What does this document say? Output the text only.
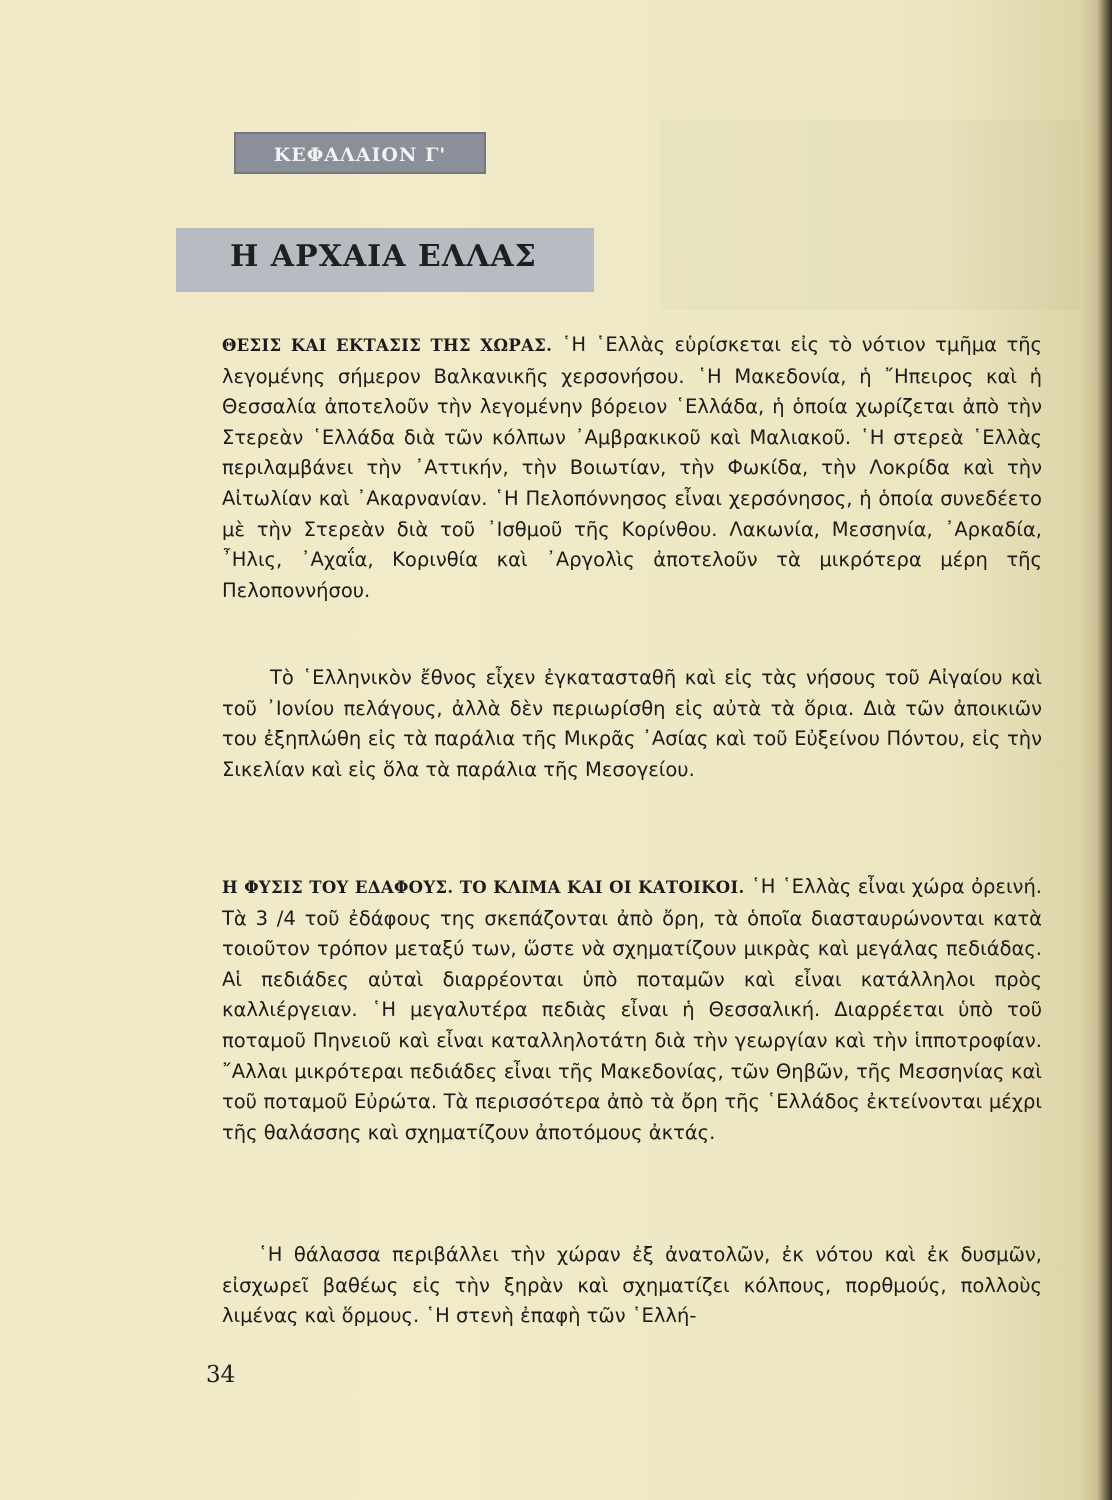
ΚΕΦΑΛΑΙΟΝ Γ'
Η ΑΡΧΑΙΑ ΕΛΛΑΣ

ΘΕΣΙΣ ΚΑΙ ΕΚΤΑΣΙΣ ΤΗΣ ΧΩΡΑΣ. ῾Η ῾Ελλὰς εὑρίσκεται εἰς τὸ νότιον τμῆμα τῆς λεγομένης σήμερον Βαλκανικῆς χερσονήσου. ῾Η Μακεδονία, ἡ ῎Ηπειρος καὶ ἡ Θεσσαλία ἀποτελοῦν τὴν λεγομένην βόρειον ῾Ελλάδα, ἡ ὁποία χωρίζεται ἀπὸ τὴν Στερεὰν ῾Ελλάδα διὰ τῶν κόλπων ᾿Αμβρακικοῦ καὶ Μαλιακοῦ. ῾Η στερεὰ ῾Ελλὰς περιλαμβάνει τὴν ᾿Αττικήν, τὴν Βοιωτίαν, τὴν Φωκίδα, τὴν Λοκρίδα καὶ τὴν Αἰτωλίαν καὶ ᾿Ακαρνανίαν. ῾Η Πελοπόννησος εἶναι χερσόνησος, ἡ ὁποία συνεδέετο μὲ τὴν Στερεὰν διὰ τοῦ ᾿Ισθμοῦ τῆς Κορίνθου. Λακωνία, Μεσσηνία, ᾿Αρκαδία, ῏Ηλις, ᾿Αχαΐα, Κορινθία καὶ ᾿Αργολὶς ἀποτελοῦν τὰ μικρότερα μέρη τῆς Πελοποννήσου.

Τὸ ῾Ελληνικὸν ἔθνος εἶχεν ἐγκατασταθῆ καὶ εἰς τὰς νήσους τοῦ Αἰγαίου καὶ τοῦ ᾿Ιονίου πελάγους, ἀλλὰ δὲν περιωρίσθη εἰς αὐτὰ τὰ ὅρια. Διὰ τῶν ἀποικιῶν του ἐξηπλώθη εἰς τὰ παράλια τῆς Μικρᾶς ᾿Ασίας καὶ τοῦ Εὐξείνου Πόντου, εἰς τὴν Σικελίαν καὶ εἰς ὅλα τὰ παράλια τῆς Μεσογείου.

Η ΦΥΣΙΣ ΤΟΥ ΕΔΑΦΟΥΣ. ΤΟ ΚΛΙΜΑ ΚΑΙ ΟΙ ΚΑΤΟΙΚΟΙ. ῾Η ῾Ελλὰς εἶναι χώρα ὀρεινή. Τὰ 3 /4 τοῦ ἐδάφους της σκεπάζονται ἀπὸ ὄρη, τὰ ὁποῖα διασταυρώνονται κατὰ τοιοῦτον τρόπον μεταξύ των, ὥστε νὰ σχηματίζουν μικρὰς καὶ μεγάλας πεδιάδας. Αἱ πεδιάδες αὐταὶ διαρρέονται ὑπὸ ποταμῶν καὶ εἶναι κατάλληλοι πρὸς καλλιέργειαν. ῾Η μεγαλυτέρα πεδιὰς εἶναι ἡ Θεσσαλική. Διαρρέεται ὑπὸ τοῦ ποταμοῦ Πηνειοῦ καὶ εἶναι καταλληλοτάτη διὰ τὴν γεωργίαν καὶ τὴν ἱπποτροφίαν. ῎Αλλαι μικρότεραι πεδιάδες εἶναι τῆς Μακεδονίας, τῶν Θηβῶν, τῆς Μεσσηνίας καὶ τοῦ ποταμοῦ Εὐρώτα. Τὰ περισσότερα ἀπὸ τὰ ὄρη τῆς ῾Ελλάδος ἐκτείνονται μέχρι τῆς θαλάσσης καὶ σχηματίζουν ἀποτόμους ἀκτάς.

῾Η θάλασσα περιβάλλει τὴν χώραν ἐξ ἀνατολῶν, ἐκ νότου καὶ ἐκ δυσμῶν, εἰσχωρεῖ βαθέως εἰς τὴν ξηρὰν καὶ σχηματίζει κόλπους, πορθμούς, πολλοὺς λιμένας καὶ ὅρμους. ῾Η στενὴ ἐπαφὴ τῶν ῾Ελλή-

34
